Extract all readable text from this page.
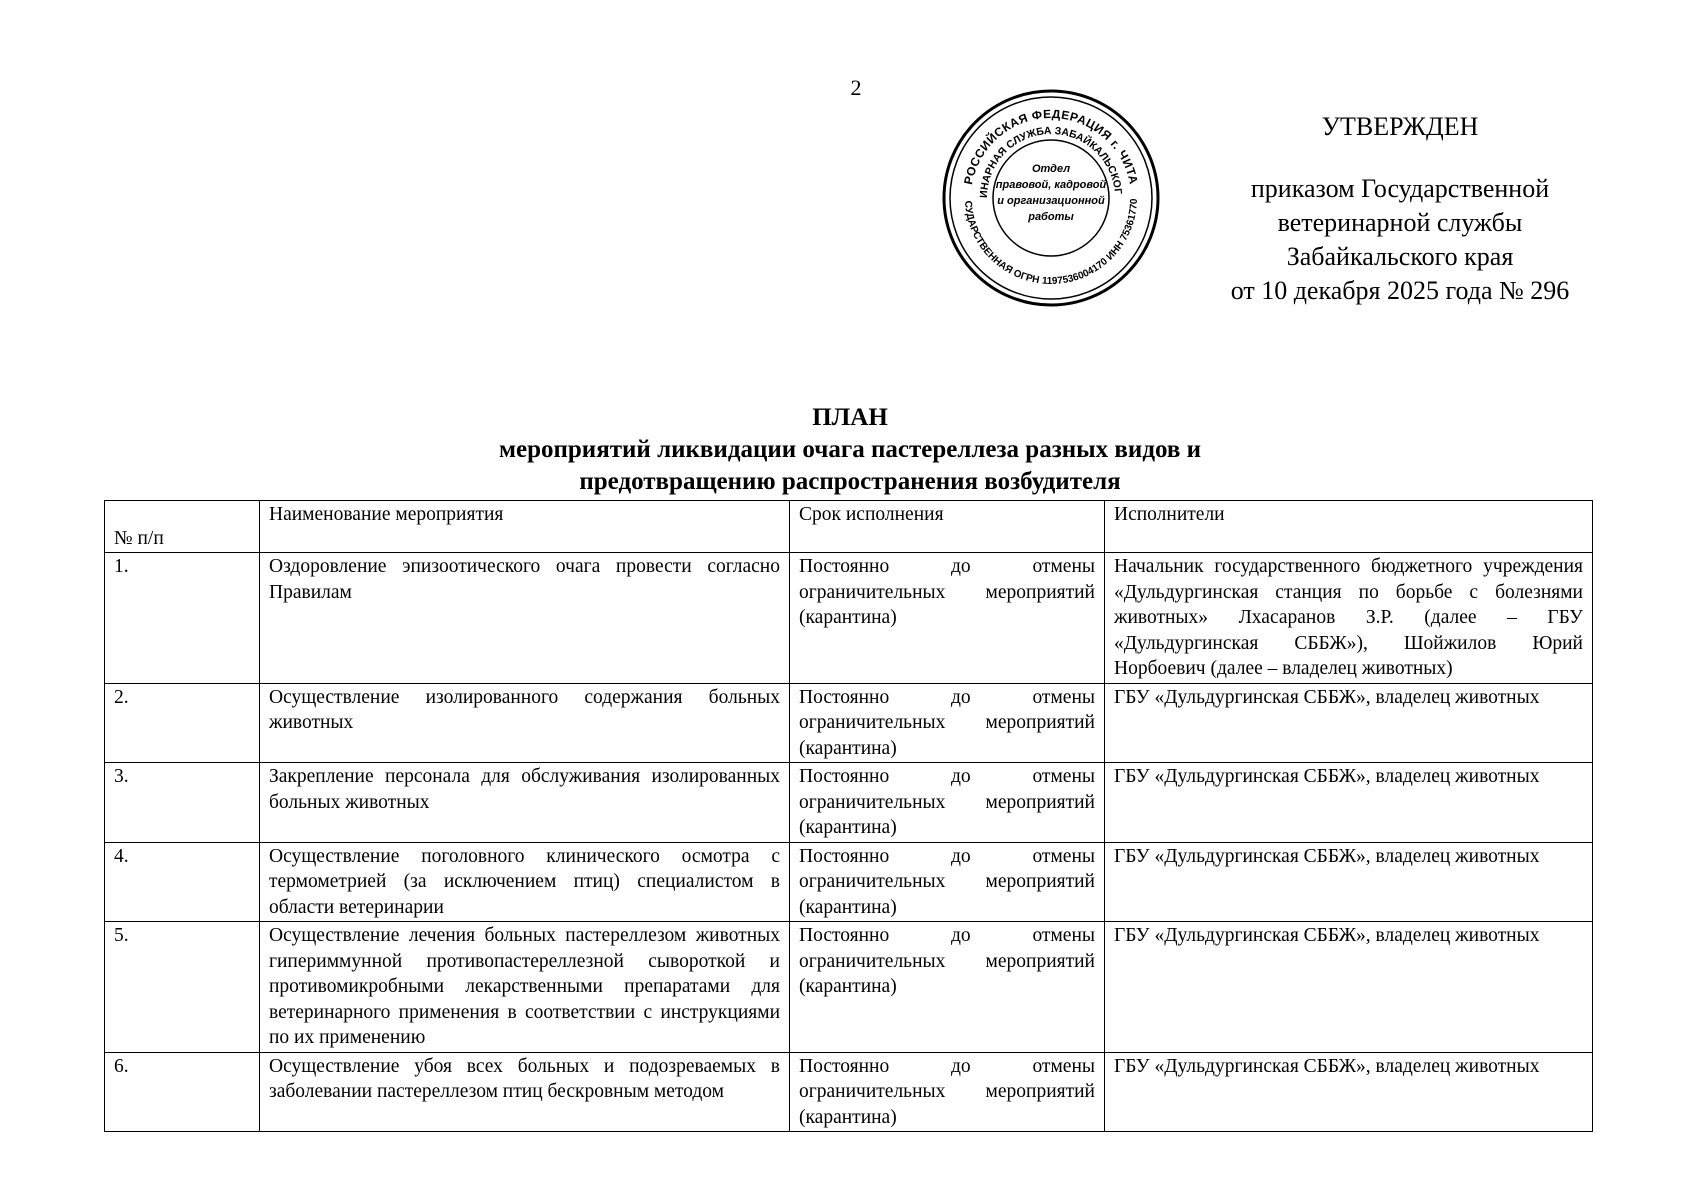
2
РОССИЙСКАЯ ФЕДЕРАЦИЯ г. ЧИТА
ИНАРНАЯ СЛУЖБА ЗАБАЙКАЛЬСКОГ
СУДАРСТВЕННАЯ ОГРН 1197536004170 ИНН 75361770
Отдел
правовой, кадровой
и организационной
работы
УТВЕРЖДЕН
приказом Государственной
ветеринарной службы
Забайкальского края
от 10 декабря 2025 года № 296
ПЛАН
мероприятий ликвидации очага пастереллеза разных видов и
предотвращению распространения возбудителя
№ п/п	Наименование мероприятия	Срок исполнения	Исполнители
1.	Оздоровление эпизоотического очага провести согласно Правилам	Постоянно до отмены ограничительных мероприятий (карантина)	Начальник государственного бюджетного учреждения «Дульдургинская станция по борьбе с болезнями животных» Лхасаранов З.Р. (далее – ГБУ «Дульдургинская СББЖ»), Шойжилов Юрий Норбоевич (далее – владелец животных)
2.	Осуществление изолированного содержания больных животных	Постоянно до отмены ограничительных мероприятий (карантина)	ГБУ «Дульдургинская СББЖ», владелец животных
3.	Закрепление персонала для обслуживания изолированных больных животных	Постоянно до отмены ограничительных мероприятий (карантина)	ГБУ «Дульдургинская СББЖ», владелец животных
4.	Осуществление поголовного клинического осмотра с термометрией (за исключением птиц) специалистом в области ветеринарии	Постоянно до отмены ограничительных мероприятий (карантина)	ГБУ «Дульдургинская СББЖ», владелец животных
5.	Осуществление лечения больных пастереллезом животных гипериммунной противопастереллезной сывороткой и противомикробными лекарственными препаратами для ветеринарного применения в соответствии с инструкциями по их применению	Постоянно до отмены ограничительных мероприятий (карантина)	ГБУ «Дульдургинская СББЖ», владелец животных
6.	Осуществление убоя всех больных и подозреваемых в заболевании пастереллезом птиц бескровным методом	Постоянно до отмены ограничительных мероприятий (карантина)	ГБУ «Дульдургинская СББЖ», владелец животных
